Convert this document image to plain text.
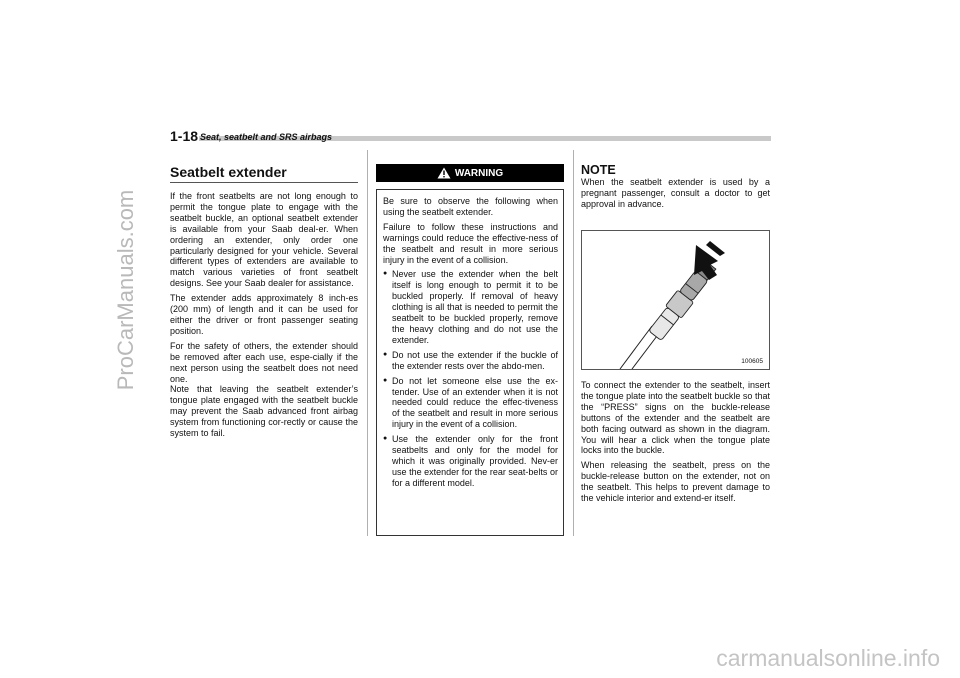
ProCarManuals.com
carmanualsonline.info
1-18 Seat, seatbelt and SRS airbags

Seatbelt extender

If the front seatbelts are not long enough to permit the tongue plate to engage with the seatbelt buckle, an optional seatbelt extender is available from your Saab deal-er. When ordering an extender, only order one particularly designed for your vehicle. Several different types of extenders are available to match various varieties of front seatbelt designs. See your Saab dealer for assistance.

The extender adds approximately 8 inch-es (200 mm) of length and it can be used for either the driver or front passenger seating position.

For the safety of others, the extender should be removed after each use, espe-cially if the next person using the seatbelt does not need one.

Note that leaving the seatbelt extender’s tongue plate engaged with the seatbelt buckle may prevent the Saab advanced front airbag system from functioning cor-rectly or cause the system to fail.

WARNING

Be sure to observe the following when using the seatbelt extender.

Failure to follow these instructions and warnings could reduce the effective-ness of the seatbelt and result in more serious injury in the event of a collision.

● Never use the extender when the belt itself is long enough to permit it to be buckled properly. If removal of heavy clothing is all that is needed to permit the seatbelt to be buckled properly, remove the heavy clothing and do not use the extender.
● Do not use the extender if the buckle of the extender rests over the abdo-men.
● Do not let someone else use the ex-tender. Use of an extender when it is not needed could reduce the effec-tiveness of the seatbelt and result in more serious injury in the event of a collision.
● Use the extender only for the front seatbelts and only for the model for which it was originally provided. Nev-er use the extender for the rear seat-belts or for a different model.

NOTE

When the seatbelt extender is used by a pregnant passenger, consult a doctor to get approval in advance.

100605

To connect the extender to the seatbelt, insert the tongue plate into the seatbelt buckle so that the “PRESS” signs on the buckle-release buttons of the extender and the seatbelt are both facing outward as shown in the diagram. You will hear a click when the tongue plate locks into the buckle.

When releasing the seatbelt, press on the buckle-release button on the extender, not on the seatbelt. This helps to prevent damage to the vehicle interior and extend-er itself.
